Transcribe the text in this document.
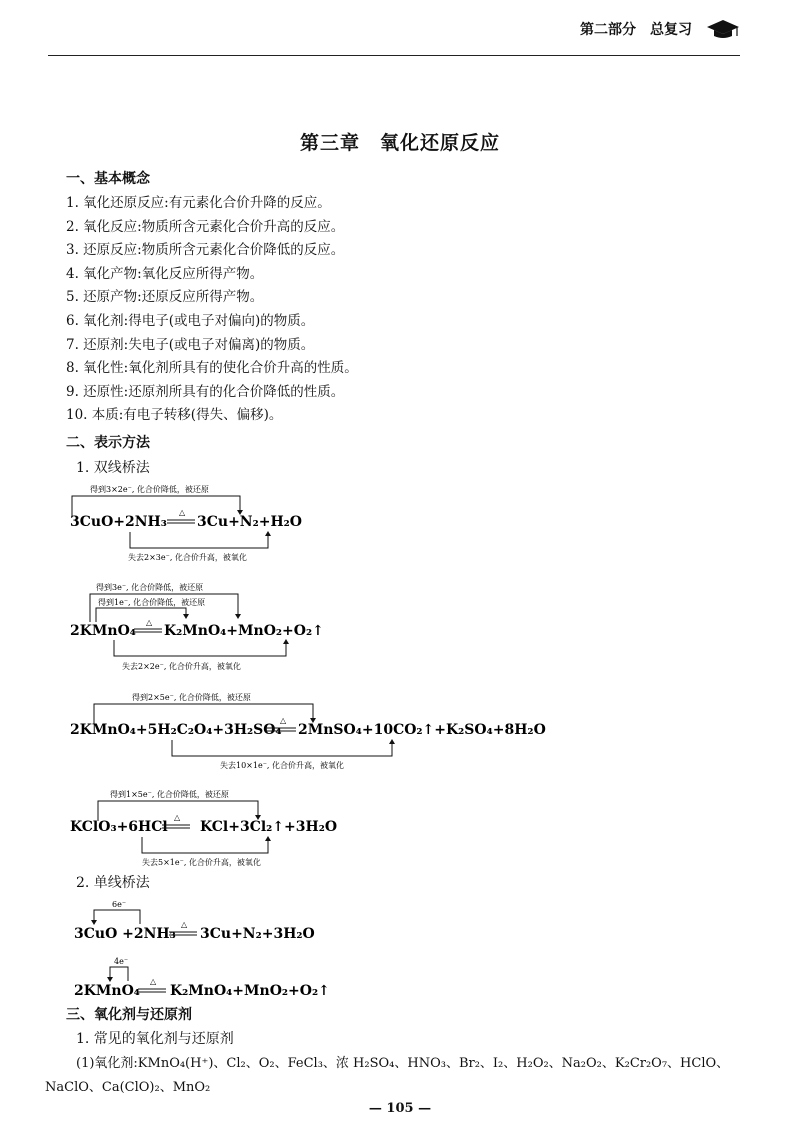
第二部分 总复习
第三章　氧化还原反应
一、基本概念
1. 氧化还原反应:有元素化合价升降的反应。
2. 氧化反应:物质所含元素化合价升高的反应。
3. 还原反应:物质所含元素化合价降低的反应。
4. 氧化产物:氧化反应所得产物。
5. 还原产物:还原反应所得产物。
6. 氧化剂:得电子(或电子对偏向)的物质。
7. 还原剂:失电子(或电子对偏离)的物质。
8. 氧化性:氧化剂所具有的使化合价升高的性质。
9. 还原性:还原剂所具有的化合价降低的性质。
10. 本质:有电子转移(得失、偏移)。
二、表示方法
1. 双线桥法
得到3×2e⁻, 化合价降低，被还原
3CuO+2NH₃
△
3Cu+N₂+H₂O
失去2×3e⁻, 化合价升高，被氧化
得到3e⁻, 化合价降低，被还原
得到1e⁻, 化合价降低，被还原
2KMnO₄
△
K₂MnO₄+MnO₂+O₂↑
失去2×2e⁻, 化合价升高，被氧化
得到2×5e⁻, 化合价降低，被还原
2KMnO₄+5H₂C₂O₄+3H₂SO₄
△
2MnSO₄+10CO₂↑+K₂SO₄+8H₂O
失去10×1e⁻, 化合价升高，被氧化
得到1×5e⁻, 化合价降低，被还原
KClO₃+6HCl
△
KCl+3Cl₂↑+3H₂O
失去5×1e⁻, 化合价升高，被氧化
2. 单线桥法
6e⁻
3CuO +2NH₃
△
3Cu+N₂+3H₂O
4e⁻
2KMnO₄
△
K₂MnO₄+MnO₂+O₂↑
三、氧化剂与还原剂
1. 常见的氧化剂与还原剂
(1)氧化剂:KMnO₄(H⁺)、Cl₂、O₂、FeCl₃、浓 H₂SO₄、HNO₃、Br₂、I₂、H₂O₂、Na₂O₂、K₂Cr₂O₇、HClO、
NaClO、Ca(ClO)₂、MnO₂
— 105 —
